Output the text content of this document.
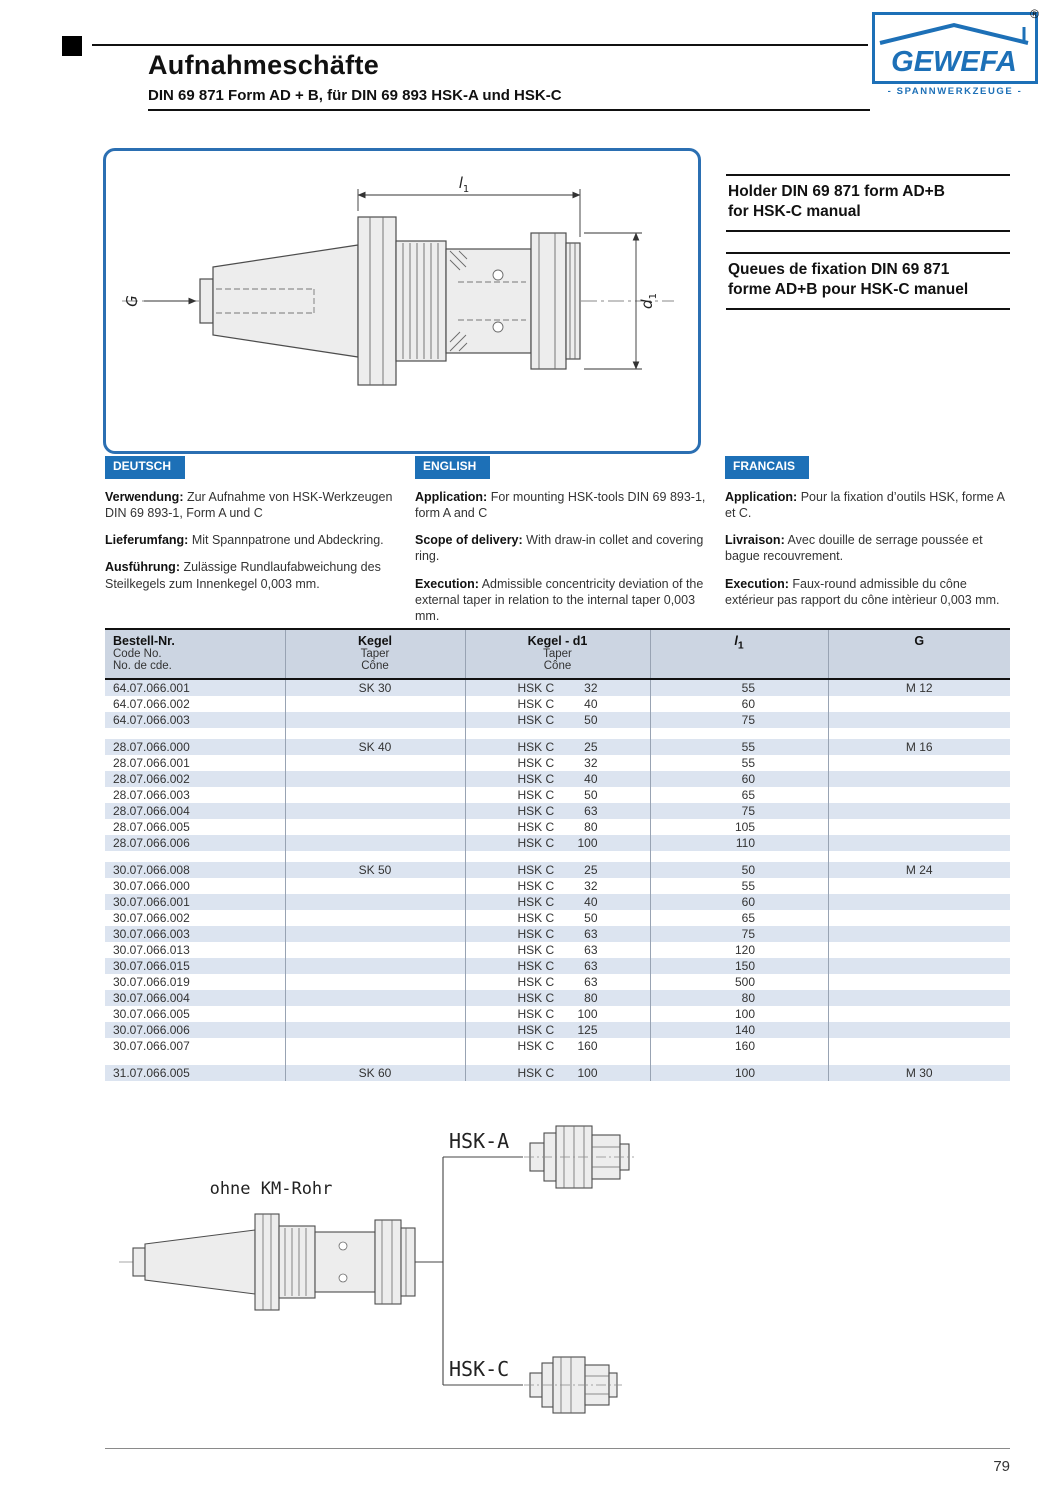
Aufnahmeschäfte
DIN 69 871 Form AD + B, für DIN 69 893 HSK-A und HSK-C
®
GEWEFA
- SPANNWERKZEUGE -
$l_1$
G	$d_1$
Holder DIN 69 871 form AD+B
for HSK-C manual
Queues de fixation DIN 69 871
forme AD+B pour HSK-C manuel
DEUTSCH

Verwendung: Zur Aufnahme von HSK-Werkzeugen DIN 69 893-1, Form A und C

Lieferumfang: Mit Spannpatrone und Abdeckring.

Ausführung: Zulässige Rundlaufabweichung des Steilkegels zum Innenkegel 0,003 mm.

ENGLISH

Application: For mounting HSK-tools DIN 69 893-1, form A and C

Scope of delivery: With draw-in collet and covering ring.

Execution: Admissible concentricity deviation of the external taper in relation to the internal taper 0,003 mm.

FRANCAIS

Application: Pour la fixation d’outils HSK, forme A et C.

Livraison: Avec douille de serrage poussée et bague recouvrement.

Execution: Faux-round admissible du cône extérieur pas rapport du cône intèrieur 0,003 mm.

Bestell-Nr.
Code No.
No. de cde.

Kegel
Taper
Cône

Kegel - d1
Taper
Cône

$l_1$	G

64.07.066.001	SK 30	HSK C 32	55	M 12
64.07.066.002		HSK C 40	60	
64.07.066.003		HSK C 50	75	

28.07.066.000	SK 40	HSK C 25	55	M 16
28.07.066.001		HSK C 32	55	
28.07.066.002		HSK C 40	60	
28.07.066.003		HSK C 50	65	
28.07.066.004		HSK C 63	75	
28.07.066.005		HSK C 80	105	
28.07.066.006		HSK C 100	110	

30.07.066.008	SK 50	HSK C 25	50	M 24
30.07.066.000		HSK C 32	55	
30.07.066.001		HSK C 40	60	
30.07.066.002		HSK C 50	65	
30.07.066.003		HSK C 63	75	
30.07.066.013		HSK C 63	120	
30.07.066.015		HSK C 63	150	
30.07.066.019		HSK C 63	500	
30.07.066.004		HSK C 80	80	
30.07.066.005		HSK C 100	100	
30.07.066.006		HSK C 125	140	
30.07.066.007		HSK C 160	160	

31.07.066.005	SK 60	HSK C 100	100	M 30
ohne KM-Rohr
HSK-A
HSK-C
79
